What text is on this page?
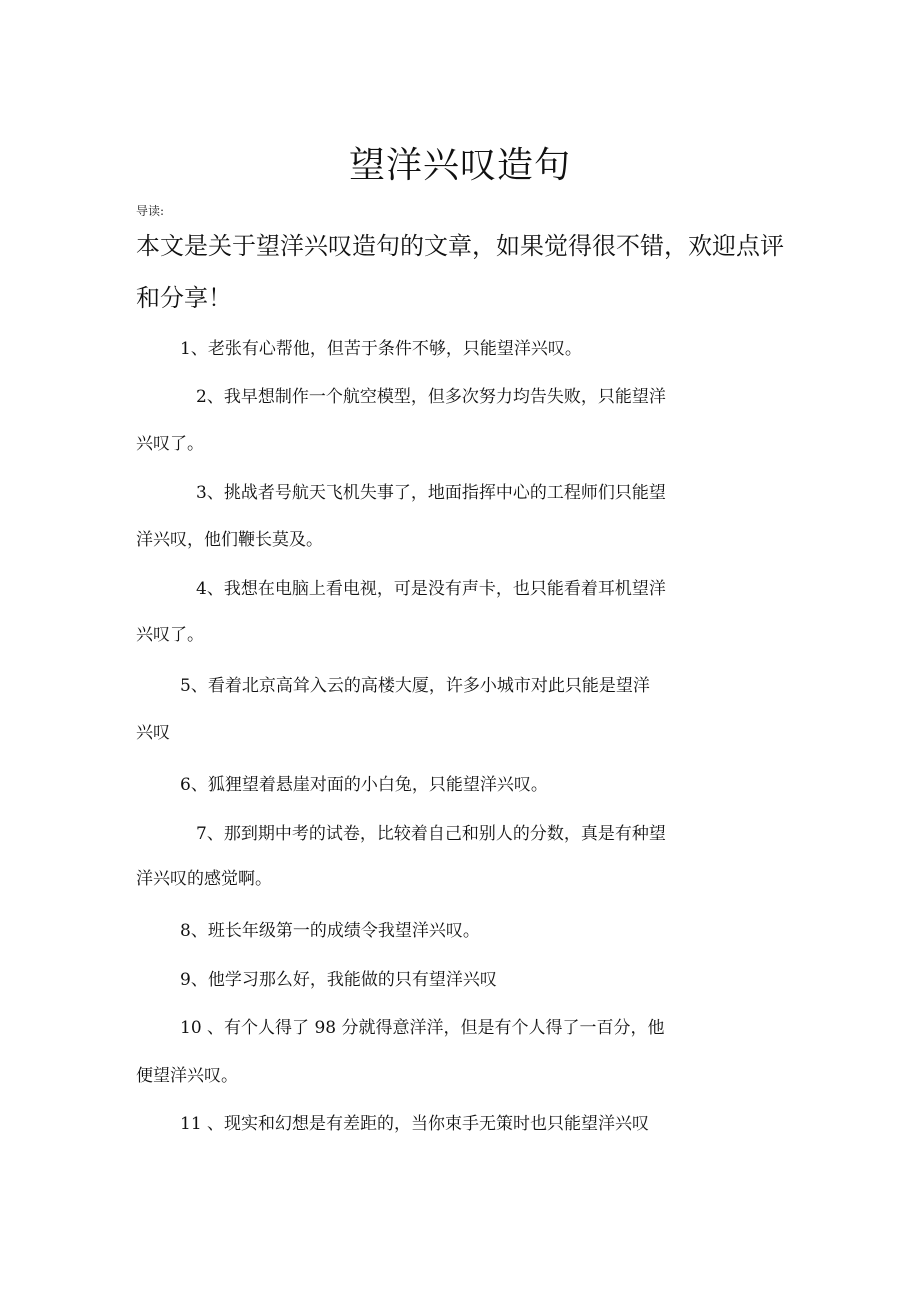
望洋兴叹造句
导读:
本文是关于望洋兴叹造句的文章，如果觉得很不错，欢迎点评和分享！
1、老张有心帮他，但苦于条件不够，只能望洋兴叹。
2、我早想制作一个航空模型，但多次努力均告失败，只能望洋
兴叹了。
3、挑战者号航天飞机失事了，地面指挥中心的工程师们只能望
洋兴叹，他们鞭长莫及。
4、我想在电脑上看电视，可是没有声卡，也只能看着耳机望洋
兴叹了。
5、看着北京高耸入云的高楼大厦，许多小城市对此只能是望洋
兴叹
6、狐狸望着悬崖对面的小白兔，只能望洋兴叹。
7、那到期中考的试卷，比较着自己和别人的分数，真是有种望
洋兴叹的感觉啊。
8、班长年级第一的成绩令我望洋兴叹。
9、他学习那么好，我能做的只有望洋兴叹
10 、有个人得了 98 分就得意洋洋，但是有个人得了一百分，他
便望洋兴叹。
11 、现实和幻想是有差距的，当你束手无策时也只能望洋兴叹
